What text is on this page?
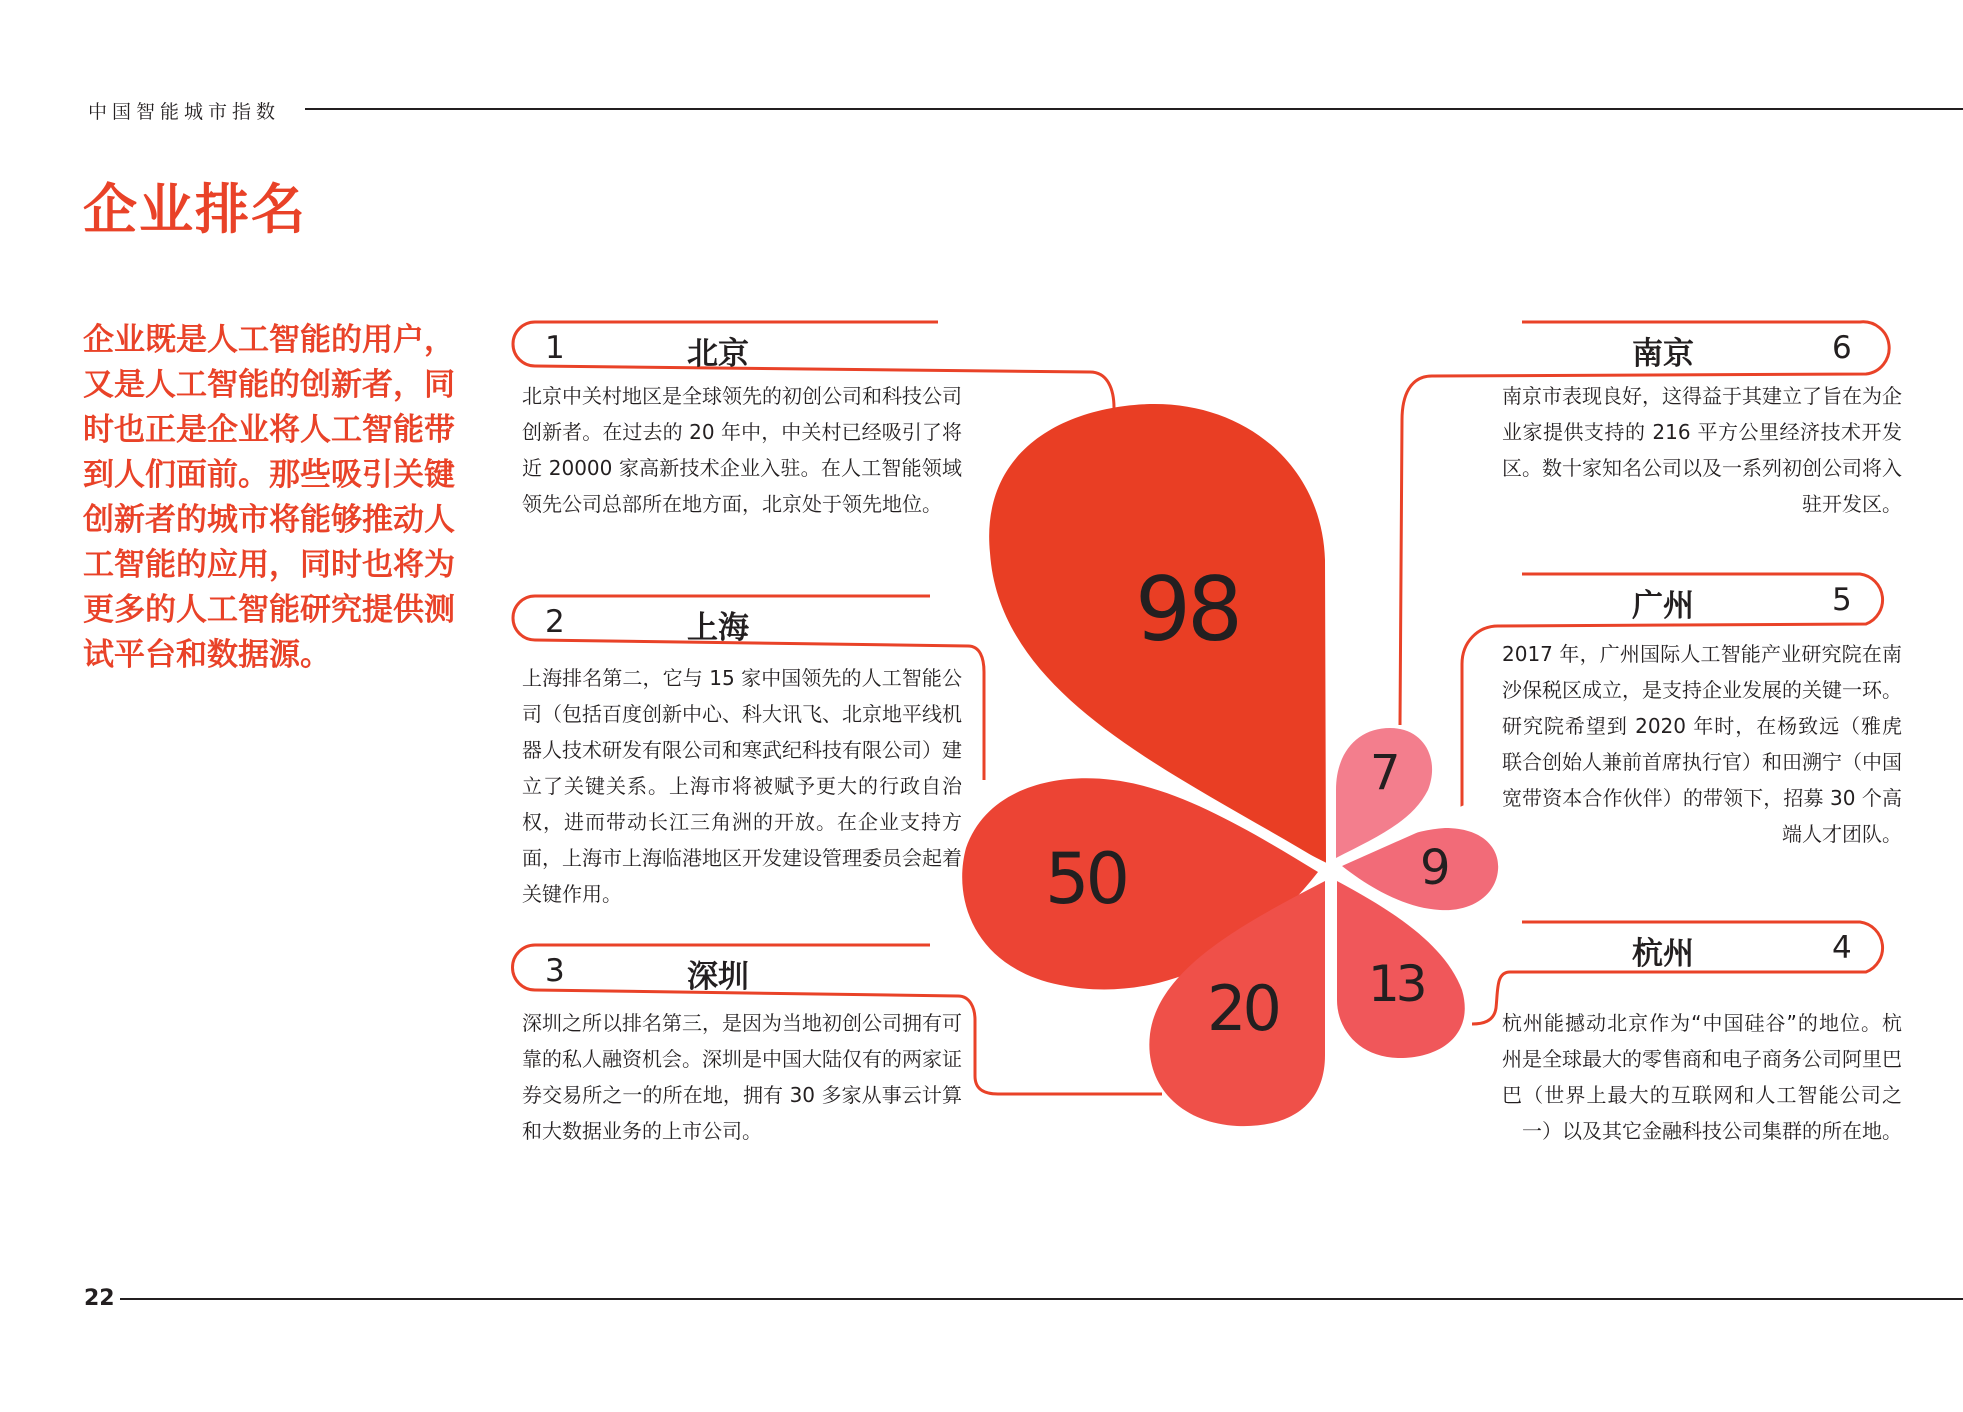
中国智能城市指数
企业排名
企业既是人工智能的用户，又是人工智能的创新者，同时也正是企业将人工智能带到人们面前。那些吸引关键创新者的城市将能够推动人工智能的应用，同时也将为更多的人工智能研究提供测试平台和数据源。
1	北京
北京中关村地区是全球领先的初创公司和科技公司创新者。在过去的 20 年中，中关村已经吸引了将近 20000 家高新技术企业入驻。在人工智能领域领先公司总部所在地方面，北京处于领先地位。
2	上海
上海排名第二，它与 15 家中国领先的人工智能公司（包括百度创新中心、科大讯飞、北京地平线机器人技术研发有限公司和寒武纪科技有限公司）建立了关键关系。上海市将被赋予更大的行政自治权，进而带动长江三角洲的开放。在企业支持方面，上海市上海临港地区开发建设管理委员会起着关键作用。
3	深圳
深圳之所以排名第三，是因为当地初创公司拥有可靠的私人融资机会。深圳是中国大陆仅有的两家证券交易所之一的所在地，拥有 30 多家从事云计算和大数据业务的上市公司。
南京	6
南京市表现良好，这得益于其建立了旨在为企业家提供支持的 216 平方公里经济技术开发区。数十家知名公司以及一系列初创公司将入驻开发区。
广州	5
2017 年，广州国际人工智能产业研究院在南沙保税区成立，是支持企业发展的关键一环。研究院希望到 2020 年时，在杨致远（雅虎联合创始人兼前首席执行官）和田溯宁（中国宽带资本合作伙伴）的带领下，招募 30 个高端人才团队。
杭州	4
杭州能撼动北京作为“中国硅谷”的地位。杭州是全球最大的零售商和电子商务公司阿里巴巴（世界上最大的互联网和人工智能公司之一）以及其它金融科技公司集群的所在地。
98
50
20 13
9
7
22
